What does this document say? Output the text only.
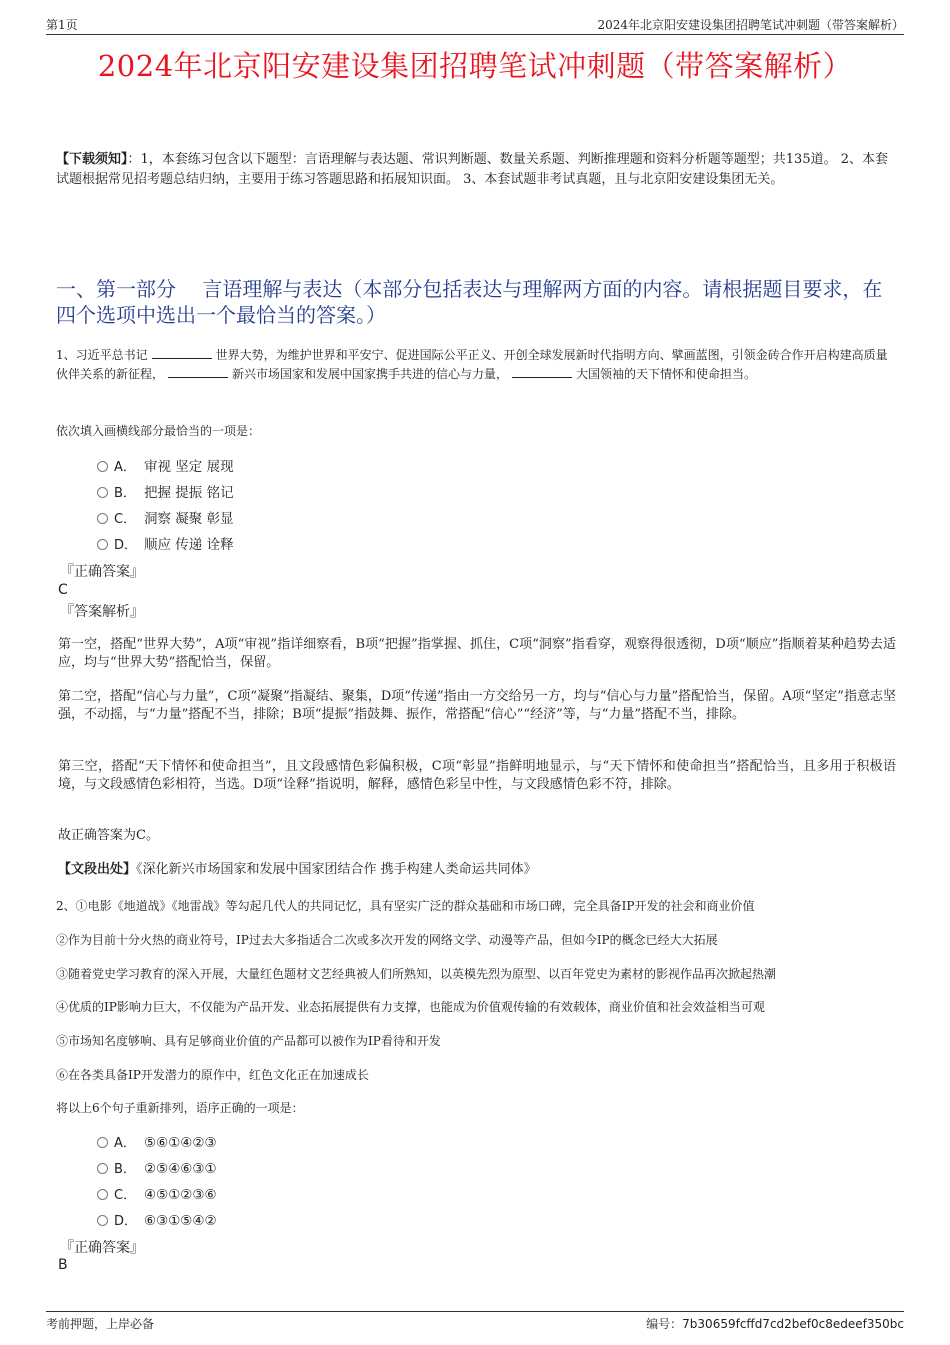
第1页	2024年北京阳安建设集团招聘笔试冲刺题（带答案解析）
2024年北京阳安建设集团招聘笔试冲刺题（带答案解析）
【下载须知】：1，本套练习包含以下题型：言语理解与表达题、常识判断题、数量关系题、判断推理题和资料分析题等题型；共135道。 2、本套试题根据常见招考题总结归纳，主要用于练习答题思路和拓展知识面。 3、本套试题非考试真题，且与北京阳安建设集团无关。
一、第一部分　 言语理解与表达（本部分包括表达与理解两方面的内容。请根据题目要求，在四个选项中选出一个最恰当的答案。）
1、习近平总书记	世界大势，为维护世界和平安宁、促进国际公平正义、开创全球发展新时代指明方向、擘画蓝图，引领金砖合作开启构建高质量伙伴关系的新征程，	新兴市场国家和发展中国家携手共进的信心与力量，	大国领袖的天下情怀和使命担当。
依次填入画横线部分最恰当的一项是：
A． 审视 坚定 展现
B． 把握 提振 铭记
C． 洞察 凝聚 彰显
D． 顺应 传递 诠释
『正确答案』
C
『答案解析』
第一空，搭配“世界大势”，A项“审视”指详细察看，B项“把握”指掌握、抓住，C项“洞察”指看穿，观察得很透彻，D项“顺应”指顺着某种趋势去适应，均与“世界大势”搭配恰当，保留。
第二空，搭配“信心与力量”，C项“凝聚”指凝结、聚集，D项“传递”指由一方交给另一方，均与“信心与力量”搭配恰当，保留。A项“坚定”指意志坚强，不动摇，与“力量”搭配不当，排除；B项“提振”指鼓舞、振作，常搭配“信心”“经济”等，与“力量”搭配不当，排除。
第三空，搭配“天下情怀和使命担当”，且文段感情色彩偏积极，C项“彰显”指鲜明地显示，与“天下情怀和使命担当”搭配恰当，且多用于积极语境，与文段感情色彩相符，当选。D项“诠释”指说明，解释，感情色彩呈中性，与文段感情色彩不符，排除。
故正确答案为C。
【文段出处】《深化新兴市场国家和发展中国家团结合作 携手构建人类命运共同体》
2、①电影《地道战》《地雷战》等勾起几代人的共同记忆，具有坚实广泛的群众基础和市场口碑，完全具备IP开发的社会和商业价值
②作为目前十分火热的商业符号，IP过去大多指适合二次或多次开发的网络文学、动漫等产品，但如今IP的概念已经大大拓展
③随着党史学习教育的深入开展，大量红色题材文艺经典被人们所熟知，以英模先烈为原型、以百年党史为素材的影视作品再次掀起热潮
④优质的IP影响力巨大，不仅能为产品开发、业态拓展提供有力支撑，也能成为价值观传输的有效载体，商业价值和社会效益相当可观
⑤市场知名度够响、具有足够商业价值的产品都可以被作为IP看待和开发
⑥在各类具备IP开发潜力的原作中，红色文化正在加速成长
将以上6个句子重新排列，语序正确的一项是：
A． ⑤⑥①④②③
B． ②⑤④⑥③①
C． ④⑤①②③⑥
D． ⑥③①⑤④②
『正确答案』
B
考前押题，上岸必备	编号：7b30659fcffd7cd2bef0c8edeef350bc
